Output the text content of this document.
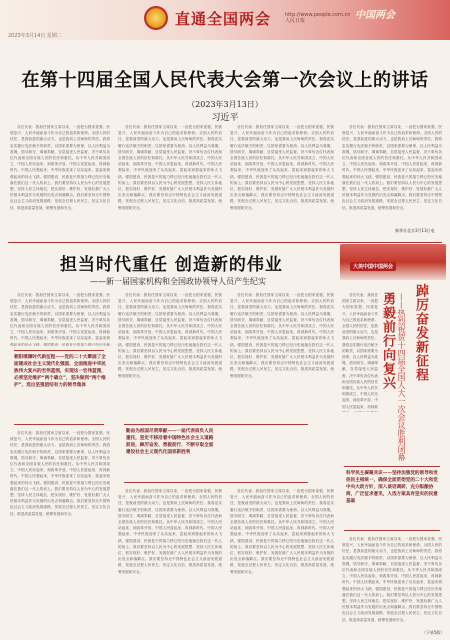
直通全国两会
2023年3月14日 星期二
http://www.people.com.cn
人民日报	中国两会
在第十四届全国人民代表大会第一次会议上的讲话
（2023年3月13日）
习近平

各位代表：我担任国家主席以来，一直把为国家富强、民族复兴、人民幸福而奋斗作为自己的追求和使命。全国人民的信任，是我前进的最大动力，也是我肩上沉甸甸的责任。我将忠实履行宪法赋予的职责，以国家需要为使命，以人民利益为准绳，恪尽职守，竭诚奉献，自觉接受人民监督，决不辜负各位代表和全国各族人民的信任和重托。从中华人民共和国成立、中国人民站起来，到改革开放、中国人民富起来，再到新时代、中国人民强起来，中华民族迎来了从站起来、富起来到强起来的伟大飞跃。强国建设、民族复兴的接力棒已经历史地落在我们这一代人的肩上。我们要坚持以人民为中心的发展思想，坚持人民主体地位，把实现好、维护好、发展好最广大人民根本利益作为发展的出发点和落脚点。我们要坚持走中国特色社会主义政治发展道路，发展全过程人民民主，坚定文化自信，推进高质量发展，统筹发展和安全。

各位代表：我担任国家主席以来，一直把为国家富强、民族复兴、人民幸福而奋斗作为自己的追求和使命。全国人民的信任，是我前进的最大动力，也是我肩上沉甸甸的责任。我将忠实履行宪法赋予的职责，以国家需要为使命，以人民利益为准绳，恪尽职守，竭诚奉献，自觉接受人民监督，决不辜负各位代表和全国各族人民的信任和重托。从中华人民共和国成立、中国人民站起来，到改革开放、中国人民富起来，再到新时代、中国人民强起来，中华民族迎来了从站起来、富起来到强起来的伟大飞跃。强国建设、民族复兴的接力棒已经历史地落在我们这一代人的肩上。我们要坚持以人民为中心的发展思想，坚持人民主体地位，把实现好、维护好、发展好最广大人民根本利益作为发展的出发点和落脚点。我们要坚持走中国特色社会主义政治发展道路，发展全过程人民民主，坚定文化自信，推进高质量发展，统筹发展和安全。

各位代表：我担任国家主席以来，一直把为国家富强、民族复兴、人民幸福而奋斗作为自己的追求和使命。全国人民的信任，是我前进的最大动力，也是我肩上沉甸甸的责任。我将忠实履行宪法赋予的职责，以国家需要为使命，以人民利益为准绳，恪尽职守，竭诚奉献，自觉接受人民监督，决不辜负各位代表和全国各族人民的信任和重托。从中华人民共和国成立、中国人民站起来，到改革开放、中国人民富起来，再到新时代、中国人民强起来，中华民族迎来了从站起来、富起来到强起来的伟大飞跃。强国建设、民族复兴的接力棒已经历史地落在我们这一代人的肩上。我们要坚持以人民为中心的发展思想，坚持人民主体地位，把实现好、维护好、发展好最广大人民根本利益作为发展的出发点和落脚点。我们要坚持走中国特色社会主义政治发展道路，发展全过程人民民主，坚定文化自信，推进高质量发展，统筹发展和安全。

各位代表：我担任国家主席以来，一直把为国家富强、民族复兴、人民幸福而奋斗作为自己的追求和使命。全国人民的信任，是我前进的最大动力，也是我肩上沉甸甸的责任。我将忠实履行宪法赋予的职责，以国家需要为使命，以人民利益为准绳，恪尽职守，竭诚奉献，自觉接受人民监督，决不辜负各位代表和全国各族人民的信任和重托。从中华人民共和国成立、中国人民站起来，到改革开放、中国人民富起来，再到新时代、中国人民强起来，中华民族迎来了从站起来、富起来到强起来的伟大飞跃。强国建设、民族复兴的接力棒已经历史地落在我们这一代人的肩上。我们要坚持以人民为中心的发展思想，坚持人民主体地位，把实现好、维护好、发展好最广大人民根本利益作为发展的出发点和落脚点。我们要坚持走中国特色社会主义政治发展道路，发展全过程人民民主，坚定文化自信，推进高质量发展，统筹发展和安全。

新华社北京3月13日电
担当时代重任 创造新的伟业
——新一届国家机构和全国政协领导人员产生纪实
大美中国中国两会
踔厉奋发新征程
——热烈祝贺十四届全国人大一次会议胜利闭幕
勇毅前行向复兴

各位代表：我担任国家主席以来，一直把为国家富强、民族复兴、人民幸福而奋斗作为自己的追求和使命。全国人民的信任，是我前进的最大动力，也是我肩上沉甸甸的责任。我将忠实履行宪法赋予的职责，以国家需要为使命，以人民利益为准绳，恪尽职守，竭诚奉献，自觉接受人民监督，决不辜负各位代表和全国各族人民的信任和重托。从中华人民共和国成立、中国人民站起来，到改革开放、中国人民富起来，再到新时代、中国人民强起来，中华民族迎来了从站起来、富起来到强起来的伟大飞跃。强国建设、民族复兴的接力棒已经历史地

朝阳喷薄时代新征程——党的二十大擘画了全面建成社会主义现代化强国、全面推进中华民族伟大复兴的宏伟蓝图，实现这一宏伟蓝图，必须坚定维护“两个确立”，坚决做到“两个维护”，选出坚强团结有力的领导集体

各位代表：我担任国家主席以来，一直把为国家富强、民族复兴、人民幸福而奋斗作为自己的追求和使命。全国人民的信任，是我前进的最大动力，也是我肩上沉甸甸的责任。我将忠实履行宪法赋予的职责，以国家需要为使命，以人民利益为准绳，恪尽职守，竭诚奉献，自觉接受人民监督，决不辜负各位代表和全国各族人民的信任和重托。从中华人民共和国成立、中国人民站起来，到改革开放、中国人民富起来，再到新时代、中国人民强起来，中华民族迎来了从站起来、富起来到强起来的伟大飞跃。强国建设、民族复兴的接力棒已经历史地落在我们这一代人的肩上。我们要坚持以人民为中心的发展思想，坚持人民主体地位，把实现好、维护好、发展好最广大人民根本利益作为发展的出发点和落脚点。我们要坚持走中国特色社会主义政治发展道路，发展全过程人民民主，坚定文化自信，推进高质量发展，统筹发展和安全。

各位代表：我担任国家主席以来，一直把为国家富强、民族复兴、人民幸福而奋斗作为自己的追求和使命。全国人民的信任，是我前进的最大动力，也是我肩上沉甸甸的责任。我将忠实履行宪法赋予的职责，以国家需要为使命，以人民利益为准绳，恪尽职守，竭诚奉献，自觉接受人民监督，决不辜负各位代表和全国各族人民的信任和重托。从中华人民共和国成立、中国人民站起来，到改革开放、中国人民富起来，再到新时代、中国人民强起来，中华民族迎来了从站起来、富起来到强起来的伟大飞跃。强国建设、民族复兴的接力棒已经历史地落在我们这一代人的肩上。我们要坚持以人民为中心的发展思想，坚持人民主体地位，把实现好、维护好、发展好最广大人民根本利益作为发展的出发点和落脚点。我们要坚持走中国特色社会主义政治发展道路，发展全过程人民民主，坚定文化自信，推进高质量发展，统筹发展和安全。

勤奋为祖国尽责奉献——一届代表肩负人民重托，坚定不移沿着中国特色社会主义道路前进，踔厉奋发、勇毅前行、不断夺取全面建设社会主义现代化国家新胜利

各位代表：我担任国家主席以来，一直把为国家富强、民族复兴、人民幸福而奋斗作为自己的追求和使命。全国人民的信任，是我前进的最大动力，也是我肩上沉甸甸的责任。我将忠实履行宪法赋予的职责，以国家需要为使命，以人民利益为准绳，恪尽职守，竭诚奉献，自觉接受人民监督，决不辜负各位代表和全国各族人民的信任和重托。从中华人民共和国成立、中国人民站起来，到改革开放、中国人民富起来，再到新时代、中国人民强起来，中华民族迎来了从站起来、富起来到强起来的伟大飞跃。强国建设、民族复兴的接力棒已经历史地落在我们这一代人的肩上。我们要坚持以人民为中心的发展思想，坚持人民主体地位，把实现好、维护好、发展好最广大人民根本利益作为发展的出发点和落脚点。我们要坚持走中国特色社会主义政治发展道路，发展全过程人民民主，坚定文化自信，推进高质量发展，统筹发展和安全。

各位代表：我担任国家主席以来，一直把为国家富强、民族复兴、人民幸福而奋斗作为自己的追求和使命。全国人民的信任，是我前进的最大动力，也是我肩上沉甸甸的责任。我将忠实履行宪法赋予的职责，以国家需要为使命，以人民利益为准绳，恪尽职守，竭诚奉献，自觉接受人民监督，决不辜负各位代表和全国各族人民的信任和重托。从中华人民共和国成立、中国人民站起来，到改革开放、中国人民富起来，再到新时代、中国人民强起来，中华民族迎来了从站起来、富起来到强起来的伟大飞跃。强国建设、民族复兴的接力棒已经历史地落在我们这一代人的肩上。我们要坚持以人民为中心的发展思想，坚持人民主体地位，把实现好、维护好、发展好最广大人民根本利益作为发展的出发点和落脚点。我们要坚持走中国特色社会主义政治发展道路，发展全过程人民民主，坚定文化自信，推进高质量发展，统筹发展和安全。

各位代表：我担任国家主席以来，一直把为国家富强、民族复兴、人民幸福而奋斗作为自己的追求和使命。全国人民的信任，是我前进的最大动力，也是我肩上沉甸甸的责任。我将忠实履行宪法赋予的职责，以国家需要为使命，以人民利益为准绳，恪尽职守，竭诚奉献，自觉接受人民监督，决不辜负各位代表和全国各族人民的信任和重托。从中华人民共和国成立、中国人民站起来，到改革开放、中国人民富起来，再到新时代、中国人民强起来，中华民族迎来了从站起来、富起来到强起来的伟大飞跃。强国建设、民族复兴的接力棒已经历史地落在我们这一代人的肩上。我们要坚持以人民为中心的发展思想，坚持人民主体地位，把实现好、维护好、发展好最广大人民根本利益作为发展的出发点和落脚点。我们要坚持走中国特色社会主义政治发展道路，发展全过程人民民主，坚定文化自信，推进高质量发展，统筹发展和安全。

各位代表：我担任国家主席以来，一直把为国家富强、民族复兴、人民幸福而奋斗作为自己的追求和使命。全国人民的信任，是我前进的最大动力，也是我肩上沉甸甸的责任。我将忠实履行宪法赋予的职责，以国家需要为使命，以人民利益为准绳，恪尽职守，竭诚奉献，自觉接受人民监督，决不辜负各位代表和全国各族人民的信任和重托。从中华人民共和国成立、中国人民站起来，到改革开放、中国人民富起来，再到新

科学民主凝聚共识——坚持加强党的领导和发扬民主相统一，确保全面贯彻党的二十大和党中央大政方针，深入谈话调研、充分酝酿协商，广泛征求意见，人选方案具有坚实的民意基础

各位代表：我担任国家主席以来，一直把为国家富强、民族复兴、人民幸福而奋斗作为自己的追求和使命。全国人民的信任，是我前进的最大动力，也是我肩上沉甸甸的责任。我将忠实履行宪法赋予的职责，以国家需要为使命，以人民利益为准绳，恪尽职守，竭诚奉献，自觉接受人民监督，决不辜负各位代表和全国各族人民的信任和重托。从中华人民共和国成立、中国人民站起来，到改革开放、中国人民富起来，再到新时代、中国人民强起来，中华民族迎来了从站起来、富起来到强起来的伟大飞跃。强国建设、民族复兴的接力棒已经历史地落在我们这一代人的肩上。我们要坚持以人民为中心的发展思想，坚持人民主体地位，把实现好、维护好、发展好最广大人民根本利益作为发展的出发点和落脚点。我们要坚持走中国特色社会主义政治发展道路，发展全过程人民民主，坚定文化自信，推进高质量发展，统筹发展和安全。

（下转5版）
